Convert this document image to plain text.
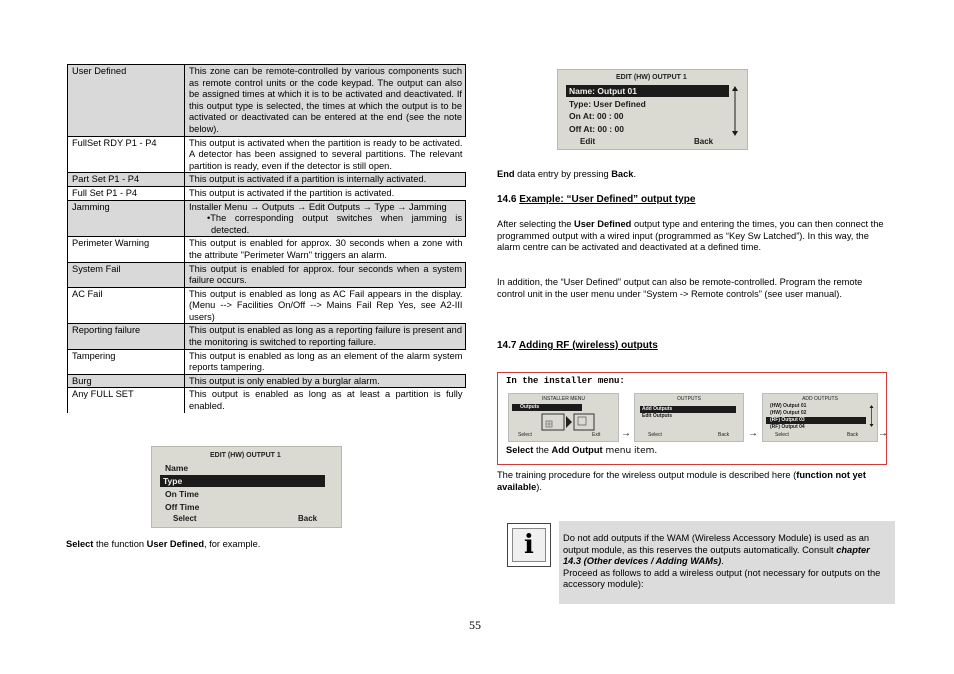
User Defined	This zone can be remote-controlled by various components such as remote control units or the code keypad. The output can also be assigned times at which it is to be activated and deactivated. If this output type is selected, the times at which the output is to be activated or deactivated can be entered at the end (see the note below).
FullSet RDY P1 - P4	This output is activated when the partition is ready to be activated. A detector has been assigned to several partitions. The relevant partition is ready, even if the detector is still open.
Part Set P1 - P4	This output is activated if a partition is internally activated.
Full Set P1 - P4	This output is activated if the partition is activated.
Jamming	Installer Menu → Outputs → Edit Outputs → Type → Jamming
•The corresponding output switches when jamming is detected.

Perimeter Warning	This output is enabled for approx. 30 seconds when a zone with the attribute "Perimeter Warn" triggers an alarm.
System Fail	This output is enabled for approx. four seconds when a system failure occurs.
AC Fail	This output is enabled as long as AC Fail appears in the display. (Menu --> Facilities On/Off --> Mains Fail Rep Yes, see A2-III users)
Reporting failure	This output is enabled as long as a reporting failure is present and the monitoring is switched to reporting failure.
Tampering	This output is enabled as long as an element of the alarm system reports tampering.
Burg	This output is only enabled by a burglar alarm.
Any FULL SET	This output is enabled as long as at least a partition is fully enabled.
EDIT (HW) OUTPUT 1
Name
Type
On Time
Off Time
Select	Back
Select the function User Defined, for example.
EDIT (HW) OUTPUT 1
Name: Output 01
Type: User Defined
On At: 00 : 00
Off At: 00 : 00
Edit	Back
End data entry by pressing Back.
14.6 Example: “User Defined” output type
After selecting the User Defined output type and entering the times, you can then connect the programmed output with a wired input (programmed as “Key Sw Latched”). In this way, the alarm centre can be activated and deactivated at a defined time.
In addition, the “User Defined” output can also be remote-controlled. Program the remote control unit in the user menu under “System -> Remote controls” (see user manual).
14.7 Adding RF (wireless) outputs
In the installer menu:
INSTALLER MENU
Outputs
Select	Exit →
OUTPUTS
Add Outputs
Edit Outputs
Select	Back →
ADD OUTPUTS
(HW) Output 01
(HW) Output 02
(RF) Output 03
(RF) Output 04
Select	Back →
Select the Add Output menu item.
The training procedure for the wireless output module is described here (function not yet available).
i	Do not add outputs if the WAM (Wireless Accessory Module) is used as an output module, as this reserves the outputs automatically. Consult chapter 14.3 (Other devices / Adding WAMs).
Proceed as follows to add a wireless output (not necessary for outputs on the accessory module):
55
